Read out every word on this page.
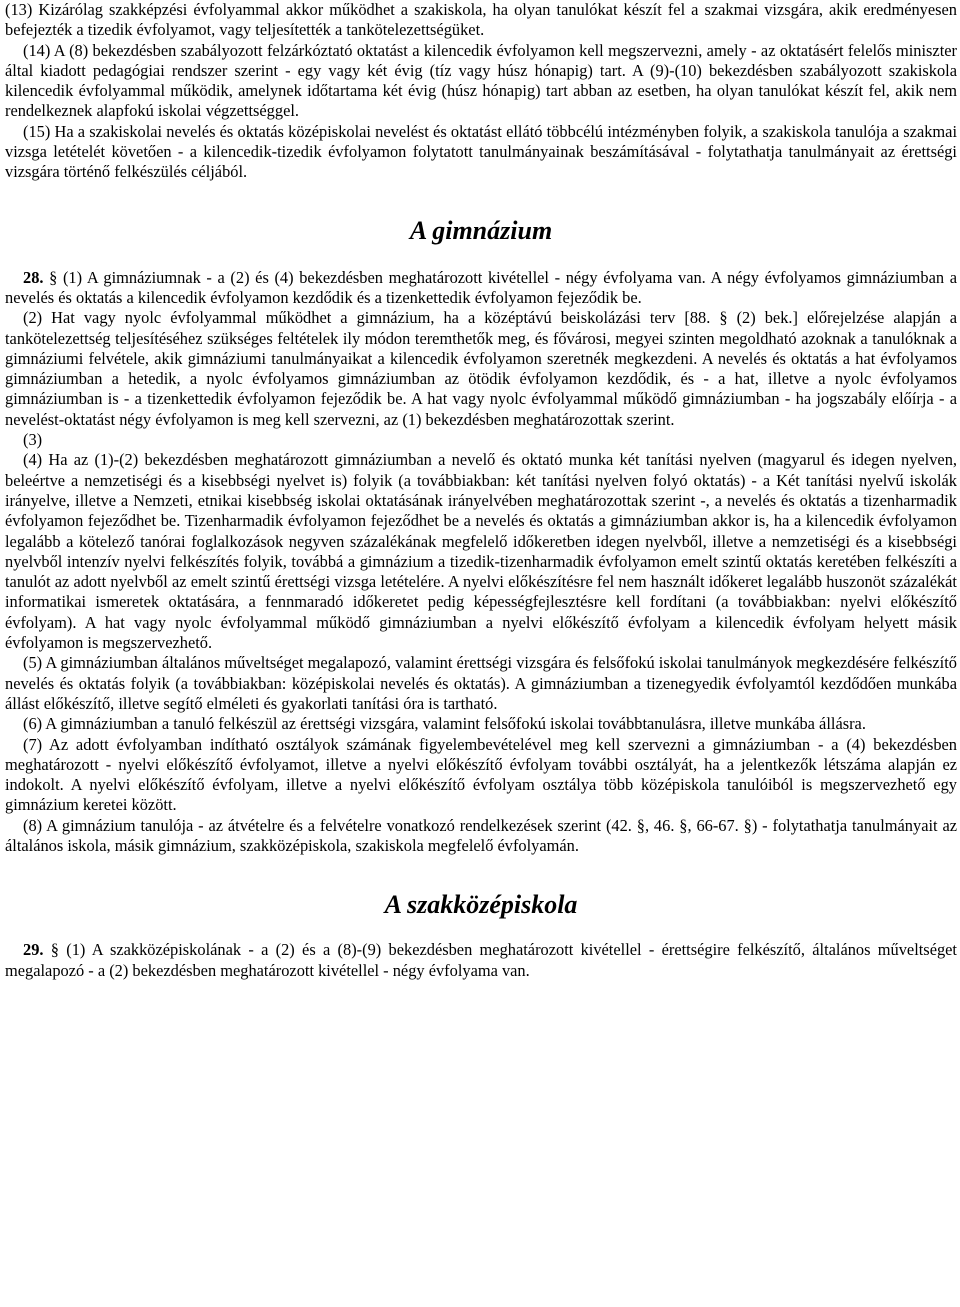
(13) Kizárólag szakképzési évfolyammal akkor működhet a szakiskola, ha olyan tanulókat készít fel a szakmai vizsgára, akik eredményesen befejezték a tizedik évfolyamot, vagy teljesítették a tankötelezettségüket.

(14) A (8) bekezdésben szabályozott felzárkóztató oktatást a kilencedik évfolyamon kell megszervezni, amely - az oktatásért felelős miniszter által kiadott pedagógiai rendszer szerint - egy vagy két évig (tíz vagy húsz hónapig) tart. A (9)-(10) bekezdésben szabályozott szakiskola kilencedik évfolyammal működik, amelynek időtartama két évig (húsz hónapig) tart abban az esetben, ha olyan tanulókat készít fel, akik nem rendelkeznek alapfokú iskolai végzettséggel.

(15) Ha a szakiskolai nevelés és oktatás középiskolai nevelést és oktatást ellátó többcélú intézményben folyik, a szakiskola tanulója a szakmai vizsga letételét követően - a kilencedik-tizedik évfolyamon folytatott tanulmányainak beszámításával - folytathatja tanulmányait az érettségi vizsgára történő felkészülés céljából.

A gimnázium

28. § (1) A gimnáziumnak - a (2) és (4) bekezdésben meghatározott kivétellel - négy évfolyama van. A négy évfolyamos gimnáziumban a nevelés és oktatás a kilencedik évfolyamon kezdődik és a tizenkettedik évfolyamon fejeződik be.

(2) Hat vagy nyolc évfolyammal működhet a gimnázium, ha a középtávú beiskolázási terv [88. § (2) bek.] előrejelzése alapján a tankötelezettség teljesítéséhez szükséges feltételek ily módon teremthetők meg, és fővárosi, megyei szinten megoldható azoknak a tanulóknak a gimnáziumi felvétele, akik gimnáziumi tanulmányaikat a kilencedik évfolyamon szeretnék megkezdeni. A nevelés és oktatás a hat évfolyamos gimnáziumban a hetedik, a nyolc évfolyamos gimnáziumban az ötödik évfolyamon kezdődik, és - a hat, illetve a nyolc évfolyamos gimnáziumban is - a tizenkettedik évfolyamon fejeződik be. A hat vagy nyolc évfolyammal működő gimnáziumban - ha jogszabály előírja - a nevelést-oktatást négy évfolyamon is meg kell szervezni, az (1) bekezdésben meghatározottak szerint.

(3)

(4) Ha az (1)-(2) bekezdésben meghatározott gimnáziumban a nevelő és oktató munka két tanítási nyelven (magyarul és idegen nyelven, beleértve a nemzetiségi és a kisebbségi nyelvet is) folyik (a továbbiakban: két tanítási nyelven folyó oktatás) - a Két tanítási nyelvű iskolák irányelve, illetve a Nemzeti, etnikai kisebbség iskolai oktatásának irányelvében meghatározottak szerint -, a nevelés és oktatás a tizenharmadik évfolyamon fejeződhet be. Tizenharmadik évfolyamon fejeződhet be a nevelés és oktatás a gimnáziumban akkor is, ha a kilencedik évfolyamon legalább a kötelező tanórai foglalkozások negyven százalékának megfelelő időkeretben idegen nyelvből, illetve a nemzetiségi és a kisebbségi nyelvből intenzív nyelvi felkészítés folyik, továbbá a gimnázium a tizedik-tizenharmadik évfolyamon emelt szintű oktatás keretében felkészíti a tanulót az adott nyelvből az emelt szintű érettségi vizsga letételére. A nyelvi előkészítésre fel nem használt időkeret legalább huszonöt százalékát informatikai ismeretek oktatására, a fennmaradó időkeretet pedig képességfejlesztésre kell fordítani (a továbbiakban: nyelvi előkészítő évfolyam). A hat vagy nyolc évfolyammal működő gimnáziumban a nyelvi előkészítő évfolyam a kilencedik évfolyam helyett másik évfolyamon is megszervezhető.

(5) A gimnáziumban általános műveltséget megalapozó, valamint érettségi vizsgára és felsőfokú iskolai tanulmányok megkezdésére felkészítő nevelés és oktatás folyik (a továbbiakban: középiskolai nevelés és oktatás). A gimnáziumban a tizenegyedik évfolyamtól kezdődően munkába állást előkészítő, illetve segítő elméleti és gyakorlati tanítási óra is tartható.

(6) A gimnáziumban a tanuló felkészül az érettségi vizsgára, valamint felsőfokú iskolai továbbtanulásra, illetve munkába állásra.

(7) Az adott évfolyamban indítható osztályok számának figyelembevételével meg kell szervezni a gimnáziumban - a (4) bekezdésben meghatározott - nyelvi előkészítő évfolyamot, illetve a nyelvi előkészítő évfolyam további osztályát, ha a jelentkezők létszáma alapján ez indokolt. A nyelvi előkészítő évfolyam, illetve a nyelvi előkészítő évfolyam osztálya több középiskola tanulóiból is megszervezhető egy gimnázium keretei között.

(8) A gimnázium tanulója - az átvételre és a felvételre vonatkozó rendelkezések szerint (42. §, 46. §, 66-67. §) - folytathatja tanulmányait az általános iskola, másik gimnázium, szakközépiskola, szakiskola megfelelő évfolyamán.

A szakközépiskola

29. § (1) A szakközépiskolának - a (2) és a (8)-(9) bekezdésben meghatározott kivétellel - érettségire felkészítő, általános műveltséget megalapozó - a (2) bekezdésben meghatározott kivétellel - négy évfolyama van.
